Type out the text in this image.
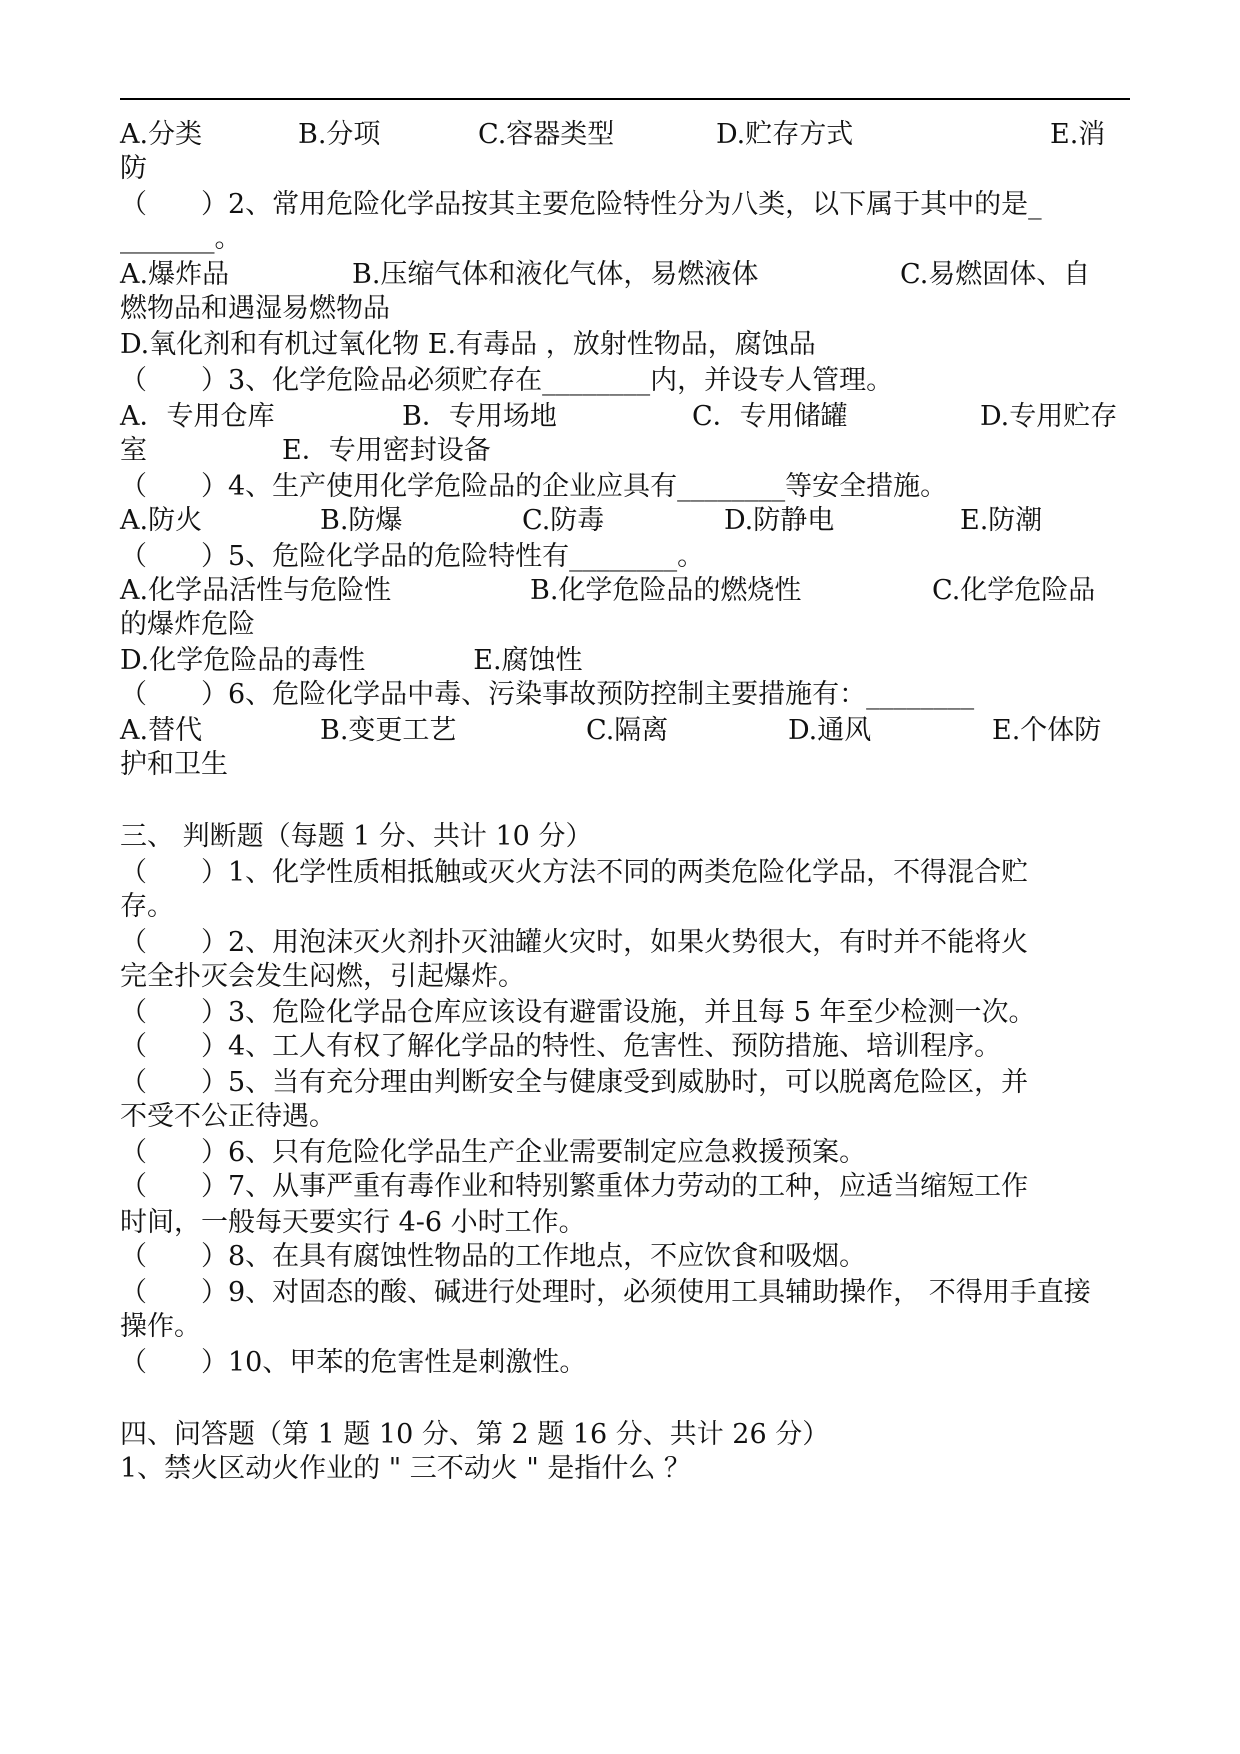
A.分类	B.分项	C.容器类型	D.贮存方式	E.消
防
（　　）2、常用危险化学品按其主要危险特性分为八类，以下属于其中的是_
_______。
A.爆炸品	B.压缩气体和液化气体，易燃液体	C.易燃固体、自
燃物品和遇湿易燃物品
D.氧化剂和有机过氧化物 E.有毒品 ，放射性物品，腐蚀品
（　　）3、化学危险品必须贮存在________内，并设专人管理。
A．专用仓库	B．专用场地	C．专用储罐	D.专用贮存
室　　　　　E．专用密封设备
（　　）4、生产使用化学危险品的企业应具有________等安全措施。
A.防火	B.防爆	C.防毒	D.防静电	E.防潮
（　　）5、危险化学品的危险特性有________。
A.化学品活性与危险性	B.化学危险品的燃烧性	C.化学危险品
的爆炸危险
D.化学危险品的毒性　　　　E.腐蚀性
（　　）6、危险化学品中毒、污染事故预防控制主要措施有：________
A.替代	B.变更工艺	C.隔离	D.通风	E.个体防
护和卫生
三、 判断题（每题 1 分、共计 10 分）
（　　）1、化学性质相抵触或灭火方法不同的两类危险化学品，不得混合贮
存。
（　　）2、用泡沫灭火剂扑灭油罐火灾时，如果火势很大，有时并不能将火
完全扑灭会发生闷燃，引起爆炸。
（　　）3、危险化学品仓库应该设有避雷设施，并且每 5 年至少检测一次。
（　　）4、工人有权了解化学品的特性、危害性、预防措施、培训程序。
（　　）5、当有充分理由判断安全与健康受到威胁时，可以脱离危险区，并
不受不公正待遇。
（　　）6、只有危险化学品生产企业需要制定应急救援预案。
（　　）7、从事严重有毒作业和特别繁重体力劳动的工种，应适当缩短工作
时间，一般每天要实行 4-6 小时工作。
（　　）8、在具有腐蚀性物品的工作地点，不应饮食和吸烟。
（　　）9、对固态的酸、碱进行处理时，必须使用工具辅助操作， 不得用手直接
操作。
（　　）10、甲苯的危害性是刺激性。
四、问答题（第 1 题 10 分、第 2 题 16 分、共计 26 分）
1、禁火区动火作业的 " 三不动火 " 是指什么 ？
